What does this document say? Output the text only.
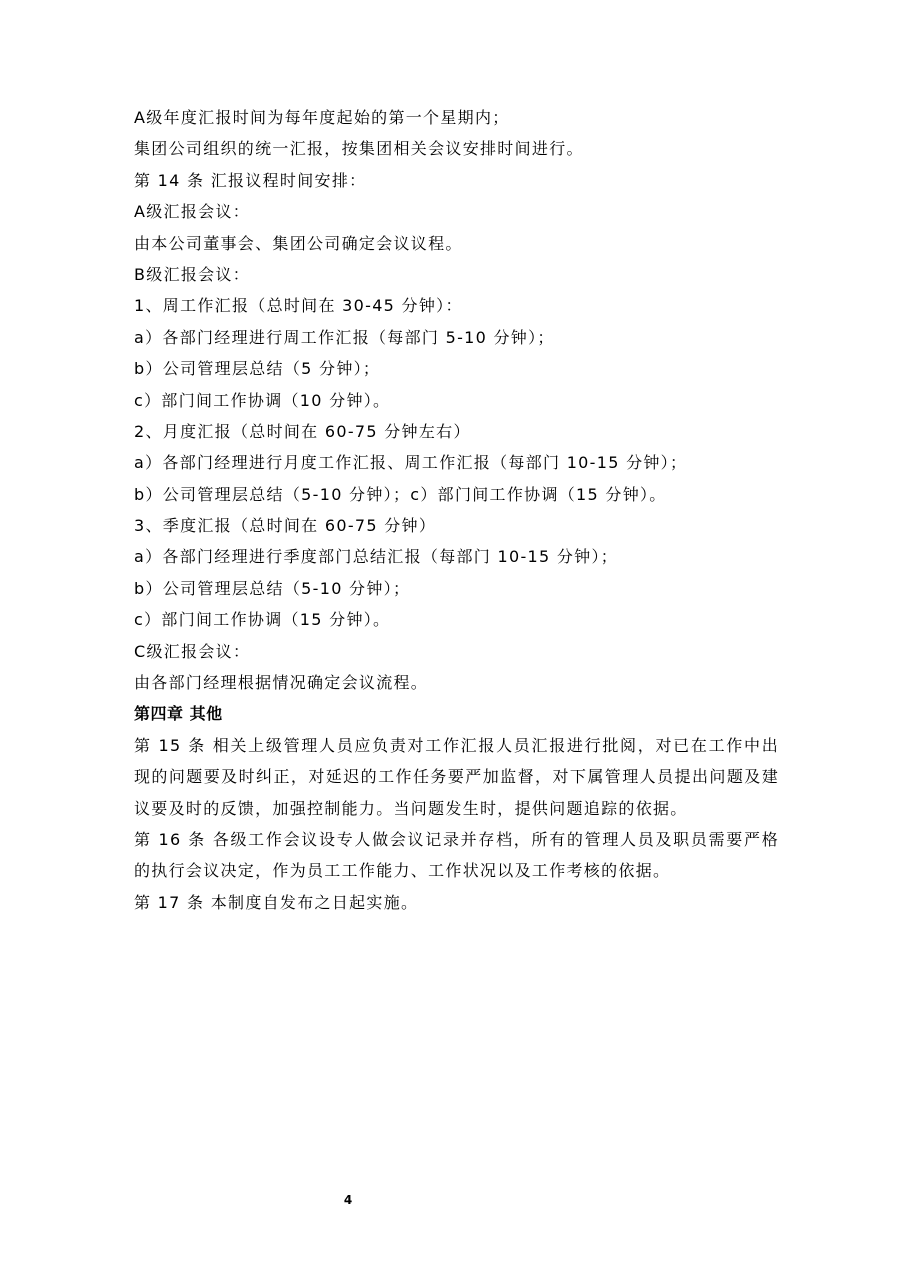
A级年度汇报时间为每年度起始的第一个星期内；
集团公司组织的统一汇报，按集团相关会议安排时间进行。
第 14 条 汇报议程时间安排：
A级汇报会议：
由本公司董事会、集团公司确定会议议程。
B级汇报会议：
1、周工作汇报（总时间在 30-45 分钟）：
a）各部门经理进行周工作汇报（每部门 5-10 分钟）；
b）公司管理层总结（5 分钟）；
c）部门间工作协调（10 分钟）。
2、月度汇报（总时间在 60-75 分钟左右）
a）各部门经理进行月度工作汇报、周工作汇报（每部门 10-15 分钟）；
b）公司管理层总结（5-10 分钟）；c）部门间工作协调（15 分钟）。
3、季度汇报（总时间在 60-75 分钟）
a）各部门经理进行季度部门总结汇报（每部门 10-15 分钟）；
b）公司管理层总结（5-10 分钟）；
c）部门间工作协调（15 分钟）。
C级汇报会议：
由各部门经理根据情况确定会议流程。
第四章 其他
第 15 条 相关上级管理人员应负责对工作汇报人员汇报进行批阅，对已在工作中出现的问题要及时纠正，对延迟的工作任务要严加监督，对下属管理人员提出问题及建议要及时的反馈，加强控制能力。当问题发生时，提供问题追踪的依据。
第 16 条 各级工作会议设专人做会议记录并存档，所有的管理人员及职员需要严格的执行会议决定，作为员工工作能力、工作状况以及工作考核的依据。
第 17 条 本制度自发布之日起实施。
4
